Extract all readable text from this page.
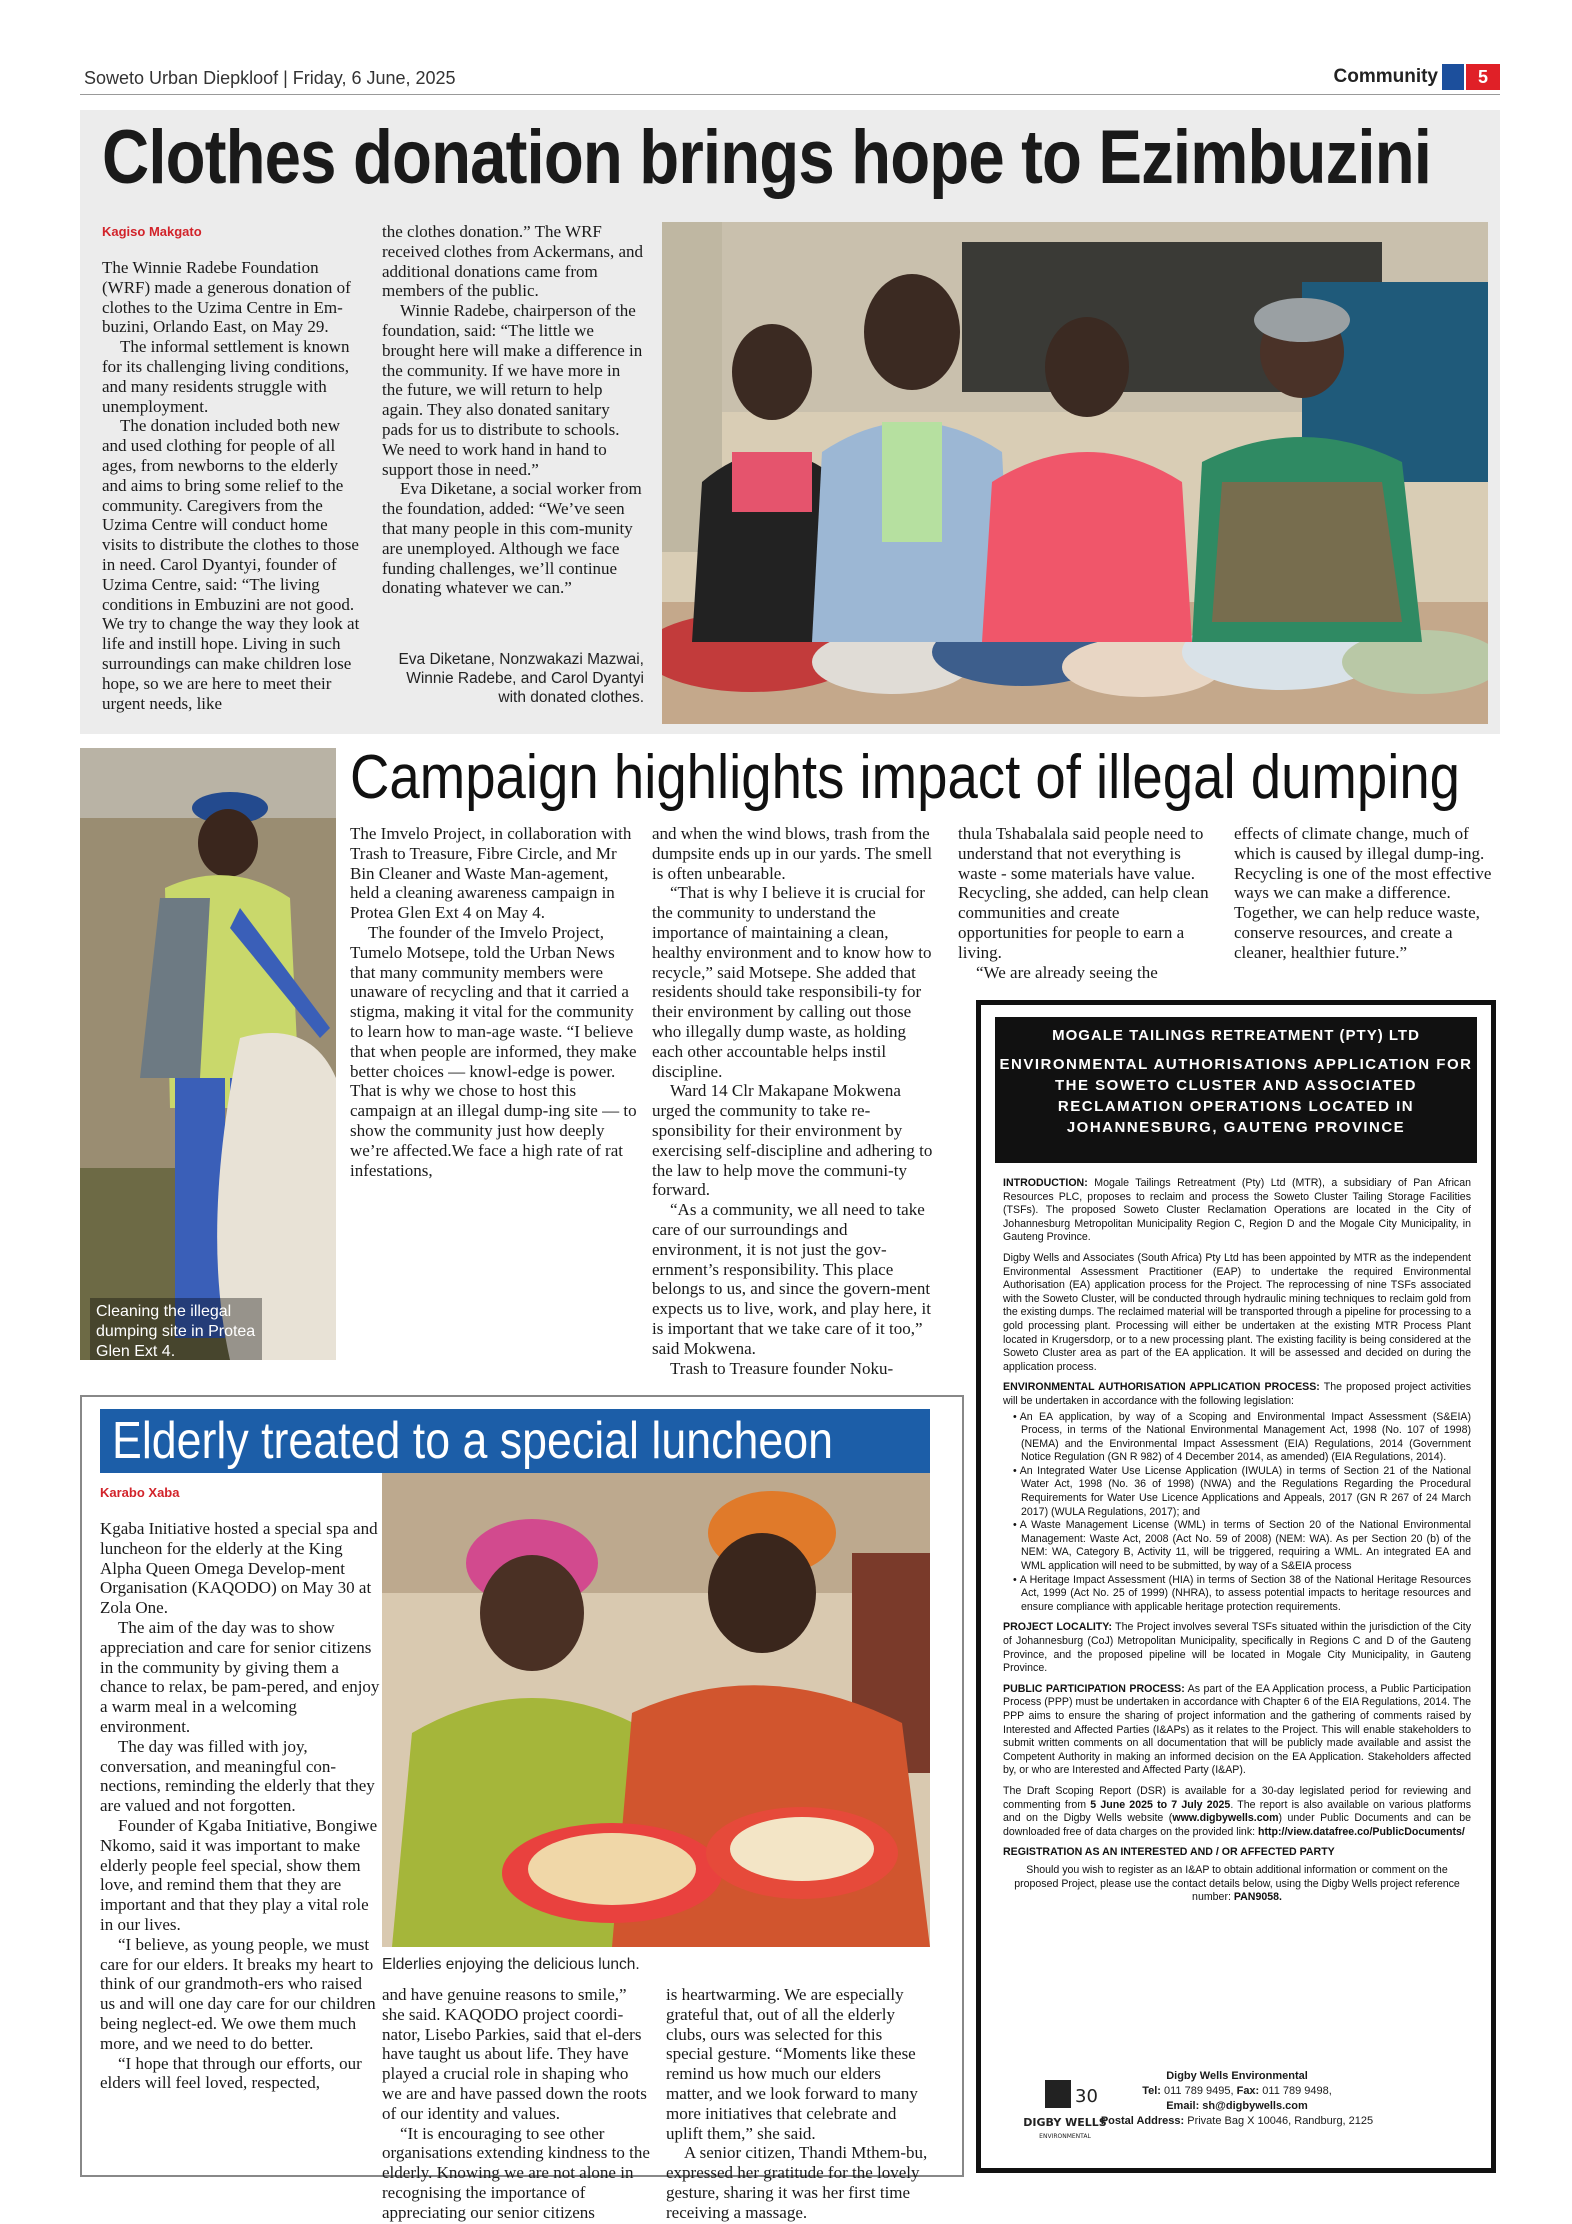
Soweto Urban Diepkloof | Friday, 6 June, 2025	Community	5
Clothes donation brings hope to Ezimbuzini
Kagiso Makgato

The Winnie Radebe Foundation (WRF) made a generous donation of clothes to the Uzima Centre in Em-buzini, Orlando East, on May 29.

The informal settlement is known for its challenging living conditions, and many residents struggle with unemployment.

The donation included both new and used clothing for people of all ages, from newborns to the elderly and aims to bring some relief to the community. Caregivers from the Uzima Centre will conduct home visits to distribute the clothes to those in need. Carol Dyantyi, founder of Uzima Centre, said: “The living conditions in Embuzini are not good. We try to change the way they look at life and instill hope. Living in such surroundings can make children lose hope, so we are here to meet their urgent needs, like

the clothes donation.” The WRF received clothes from Ackermans, and additional donations came from members of the public.

Winnie Radebe, chairperson of the foundation, said: “The little we brought here will make a difference in the community. If we have more in the future, we will return to help again. They also donated sanitary pads for us to distribute to schools. We need to work hand in hand to support those in need.”

Eva Diketane, a social worker from the foundation, added: “We’ve seen that many people in this com-munity are unemployed. Although we face funding challenges, we’ll continue donating whatever we can.”

Eva Diketane, Nonzwakazi Mazwai, Winnie Radebe, and Carol Dyantyi with donated clothes.
Campaign highlights impact of illegal dumping
Cleaning the illegal dumping site in Protea Glen Ext 4.

The Imvelo Project, in collaboration with Trash to Treasure, Fibre Circle, and Mr Bin Cleaner and Waste Man-agement, held a cleaning awareness campaign in Protea Glen Ext 4 on May 4.

The founder of the Imvelo Project, Tumelo Motsepe, told the Urban News that many community members were unaware of recycling and that it carried a stigma, making it vital for the community to learn how to man-age waste. “I believe that when people are informed, they make better choices — knowl-edge is power. That is why we chose to host this campaign at an illegal dump-ing site — to show the community just how deeply we’re affected.We face a high rate of rat infestations,

and when the wind blows, trash from the dumpsite ends up in our yards. The smell is often unbearable.

“That is why I believe it is crucial for the community to understand the importance of maintaining a clean, healthy environment and to know how to recycle,” said Motsepe. She added that residents should take responsibili-ty for their environment by calling out those who illegally dump waste, as holding each other accountable helps instil discipline.

Ward 14 Clr Makapane Mokwena urged the community to take re-sponsibility for their environment by exercising self-discipline and adhering to the law to help move the communi-ty forward.

“As a community, we all need to take care of our surroundings and environment, it is not just the gov-ernment’s responsibility. This place belongs to us, and since the govern-ment expects us to live, work, and play here, it is important that we take care of it too,” said Mokwena.

Trash to Treasure founder Noku-

thula Tshabalala said people need to understand that not everything is waste - some materials have value. Recycling, she added, can help clean communities and create opportunities for people to earn a living.

“We are already seeing the

effects of climate change, much of which is caused by illegal dump-ing. Recycling is one of the most effective ways we can make a difference. Together, we can help reduce waste, conserve resources, and create a cleaner, healthier future.”

Elderly treated to a special luncheon
Karabo Xaba

Kgaba Initiative hosted a special spa and luncheon for the elderly at the King Alpha Queen Omega Develop-ment Organisation (KAQODO) on May 30 at Zola One.

The aim of the day was to show appreciation and care for senior citizens in the community by giving them a chance to relax, be pam-pered, and enjoy a warm meal in a welcoming environment.

The day was filled with joy, conversation, and meaningful con-nections, reminding the elderly that they are valued and not forgotten.

Founder of Kgaba Initiative, Bongiwe Nkomo, said it was important to make elderly people feel special, show them love, and remind them that they are important and that they play a vital role in our lives.

“I believe, as young people, we must care for our elders. It breaks my heart to think of our grandmoth-ers who raised us and will one day care for our children being neglect-ed. We owe them much more, and we need to do better.

“I hope that through our efforts, our elders will feel loved, respected,

Elderlies enjoying the delicious lunch.

and have genuine reasons to smile,” she said. KAQODO project coordi-nator, Lisebo Parkies, said that el-ders have taught us about life. They have played a crucial role in shaping who we are and have passed down the roots of our identity and values.

“It is encouraging to see other organisations extending kindness to the elderly. Knowing we are not alone in recognising the importance of appreciating our senior citizens

is heartwarming. We are especially grateful that, out of all the elderly clubs, ours was selected for this special gesture. “Moments like these remind us how much our elders matter, and we look forward to many more initiatives that celebrate and uplift them,” she said.

A senior citizen, Thandi Mthem-bu, expressed her gratitude for the lovely gesture, sharing it was her first time receiving a massage.

MOGALE TAILINGS RETREATMENT (PTY) LTD
ENVIRONMENTAL AUTHORISATIONS APPLICATION FOR THE SOWETO CLUSTER AND ASSOCIATED RECLAMATION OPERATIONS LOCATED IN JOHANNESBURG, GAUTENG PROVINCE
INTRODUCTION: Mogale Tailings Retreatment (Pty) Ltd (MTR), a subsidiary of Pan African Resources PLC, proposes to reclaim and process the Soweto Cluster Tailing Storage Facilities (TSFs). The proposed Soweto Cluster Reclamation Operations are located in the City of Johannesburg Metropolitan Municipality Region C, Region D and the Mogale City Municipality, in Gauteng Province.
Digby Wells and Associates (South Africa) Pty Ltd has been appointed by MTR as the independent Environmental Assessment Practitioner (EAP) to undertake the required Environmental Authorisation (EA) application process for the Project. The reprocessing of nine TSFs associated with the Soweto Cluster, will be conducted through hydraulic mining techniques to reclaim gold from the existing dumps. The reclaimed material will be transported through a pipeline for processing to a gold processing plant. Processing will either be undertaken at the existing MTR Process Plant located in Krugersdorp, or to a new processing plant. The existing facility is being considered at the Soweto Cluster area as part of the EA application. It will be assessed and decided on during the application process.
ENVIRONMENTAL AUTHORISATION APPLICATION PROCESS: The proposed project activities will be undertaken in accordance with the following legislation:
• An EA application, by way of a Scoping and Environmental Impact Assessment (S&EIA) Process, in terms of the National Environmental Management Act, 1998 (No. 107 of 1998) (NEMA) and the Environmental Impact Assessment (EIA) Regulations, 2014 (Government Notice Regulation (GN R 982) of 4 December 2014, as amended) (EIA Regulations, 2014).
• An Integrated Water Use License Application (IWULA) in terms of Section 21 of the National Water Act, 1998 (No. 36 of 1998) (NWA) and the Regulations Regarding the Procedural Requirements for Water Use Licence Applications and Appeals, 2017 (GN R 267 of 24 March 2017) (WULA Regulations, 2017); and
• A Waste Management License (WML) in terms of Section 20 of the National Environmental Management: Waste Act, 2008 (Act No. 59 of 2008) (NEM: WA). As per Section 20 (b) of the NEM: WA, Category B, Activity 11, will be triggered, requiring a WML. An integrated EA and WML application will need to be submitted, by way of a S&EIA process
• A Heritage Impact Assessment (HIA) in terms of Section 38 of the National Heritage Resources Act, 1999 (Act No. 25 of 1999) (NHRA), to assess potential impacts to heritage resources and ensure compliance with applicable heritage protection requirements.
PROJECT LOCALITY: The Project involves several TSFs situated within the jurisdiction of the City of Johannesburg (CoJ) Metropolitan Municipality, specifically in Regions C and D of the Gauteng Province, and the proposed pipeline will be located in Mogale City Municipality, in Gauteng Province.
PUBLIC PARTICIPATION PROCESS: As part of the EA Application process, a Public Participation Process (PPP) must be undertaken in accordance with Chapter 6 of the EIA Regulations, 2014. The PPP aims to ensure the sharing of project information and the gathering of comments raised by Interested and Affected Parties (I&APs) as it relates to the Project. This will enable stakeholders to submit written comments on all documentation that will be publicly made available and assist the Competent Authority in making an informed decision on the EA Application. Stakeholders affected by, or who are Interested and Affected Party (I&AP).
The Draft Scoping Report (DSR) is available for a 30-day legislated period for reviewing and commenting from 5 June 2025 to 7 July 2025. The report is also available on various platforms and on the Digby Wells website (www.digbywells.com) under Public Documents and can be downloaded free of data charges on the provided link: http://view.datafree.co/PublicDocuments/
REGISTRATION AS AN INTERESTED AND / OR AFFECTED PARTY
Should you wish to register as an I&AP to obtain additional information or comment on the proposed Project, please use the contact details below, using the Digby Wells project reference number: PAN9058.
Digby Wells Environmental
Tel: 011 789 9495, Fax: 011 789 9498,
Email: sh@digbywells.com
Postal Address: Private Bag X 10046, Randburg, 2125
30
DIGBY WELLS
ENVIRONMENTAL
